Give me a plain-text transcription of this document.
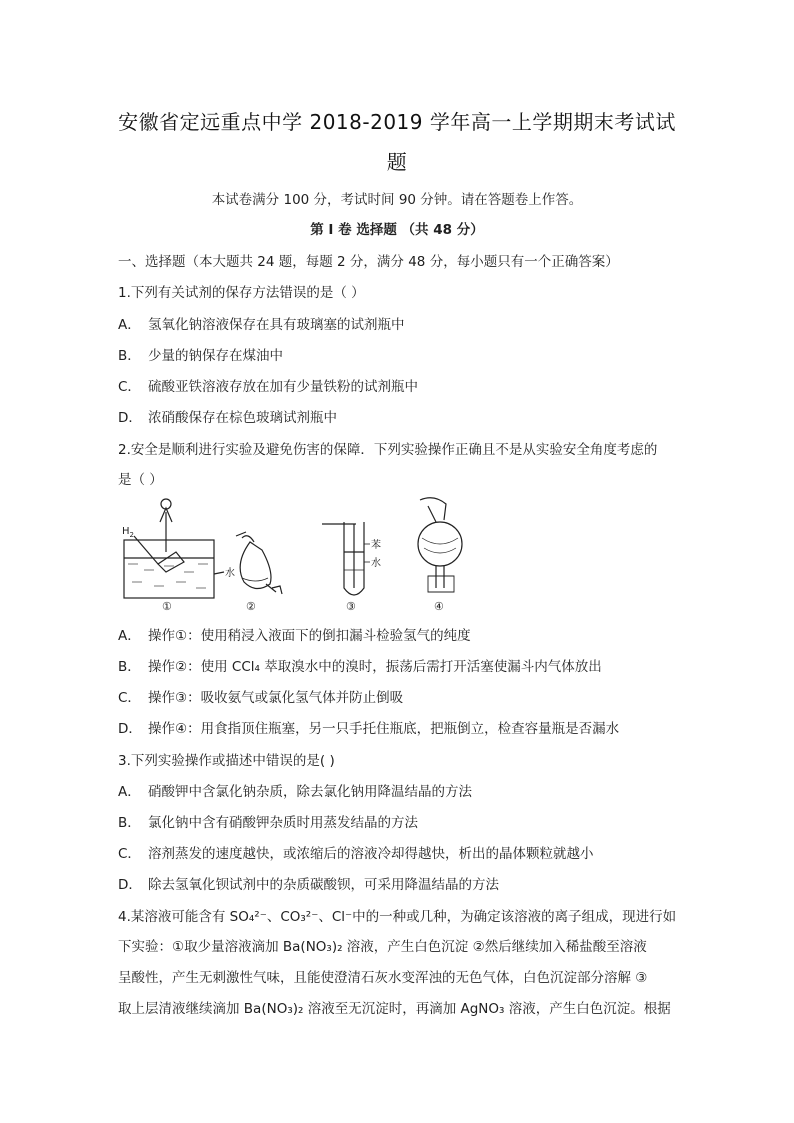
安徽省定远重点中学 2018-2019 学年高一上学期期末考试试
题
本试卷满分 100 分，考试时间 90 分钟。请在答题卷上作答。
第 I 卷 选择题 （共 48 分）
一、选择题（本大题共 24 题，每题 2 分，满分 48 分，每小题只有一个正确答案）
1.下列有关试剂的保存方法错误的是（ ）
A． 氢氧化钠溶液保存在具有玻璃塞的试剂瓶中
B． 少量的钠保存在煤油中
C． 硫酸亚铁溶液存放在加有少量铁粉的试剂瓶中
D． 浓硝酸保存在棕色玻璃试剂瓶中
2.安全是顺利进行实验及避免伤害的保障．下列实验操作正确且不是从实验安全角度考虑的
是（ ）
$H_2$
水
①	②
苯
水
③	④
A． 操作①：使用稍浸入液面下的倒扣漏斗检验氢气的纯度
B． 操作②：使用 CCl₄ 萃取溴水中的溴时，振荡后需打开活塞使漏斗内气体放出
C． 操作③：吸收氨气或氯化氢气体并防止倒吸
D． 操作④：用食指顶住瓶塞，另一只手托住瓶底，把瓶倒立，检查容量瓶是否漏水
3.下列实验操作或描述中错误的是( )
A． 硝酸钾中含氯化钠杂质，除去氯化钠用降温结晶的方法
B． 氯化钠中含有硝酸钾杂质时用蒸发结晶的方法
C． 溶剂蒸发的速度越快，或浓缩后的溶液冷却得越快，析出的晶体颗粒就越小
D． 除去氢氧化钡试剂中的杂质碳酸钡，可采用降温结晶的方法
4.某溶液可能含有 SO₄²⁻、CO₃²⁻、Cl⁻中的一种或几种，为确定该溶液的离子组成，现进行如
下实验：①取少量溶液滴加 Ba(NO₃)₂ 溶液，产生白色沉淀 ②然后继续加入稀盐酸至溶液
呈酸性，产生无刺激性气味，且能使澄清石灰水变浑浊的无色气体，白色沉淀部分溶解 ③
取上层清液继续滴加 Ba(NO₃)₂ 溶液至无沉淀时，再滴加 AgNO₃ 溶液，产生白色沉淀。根据
